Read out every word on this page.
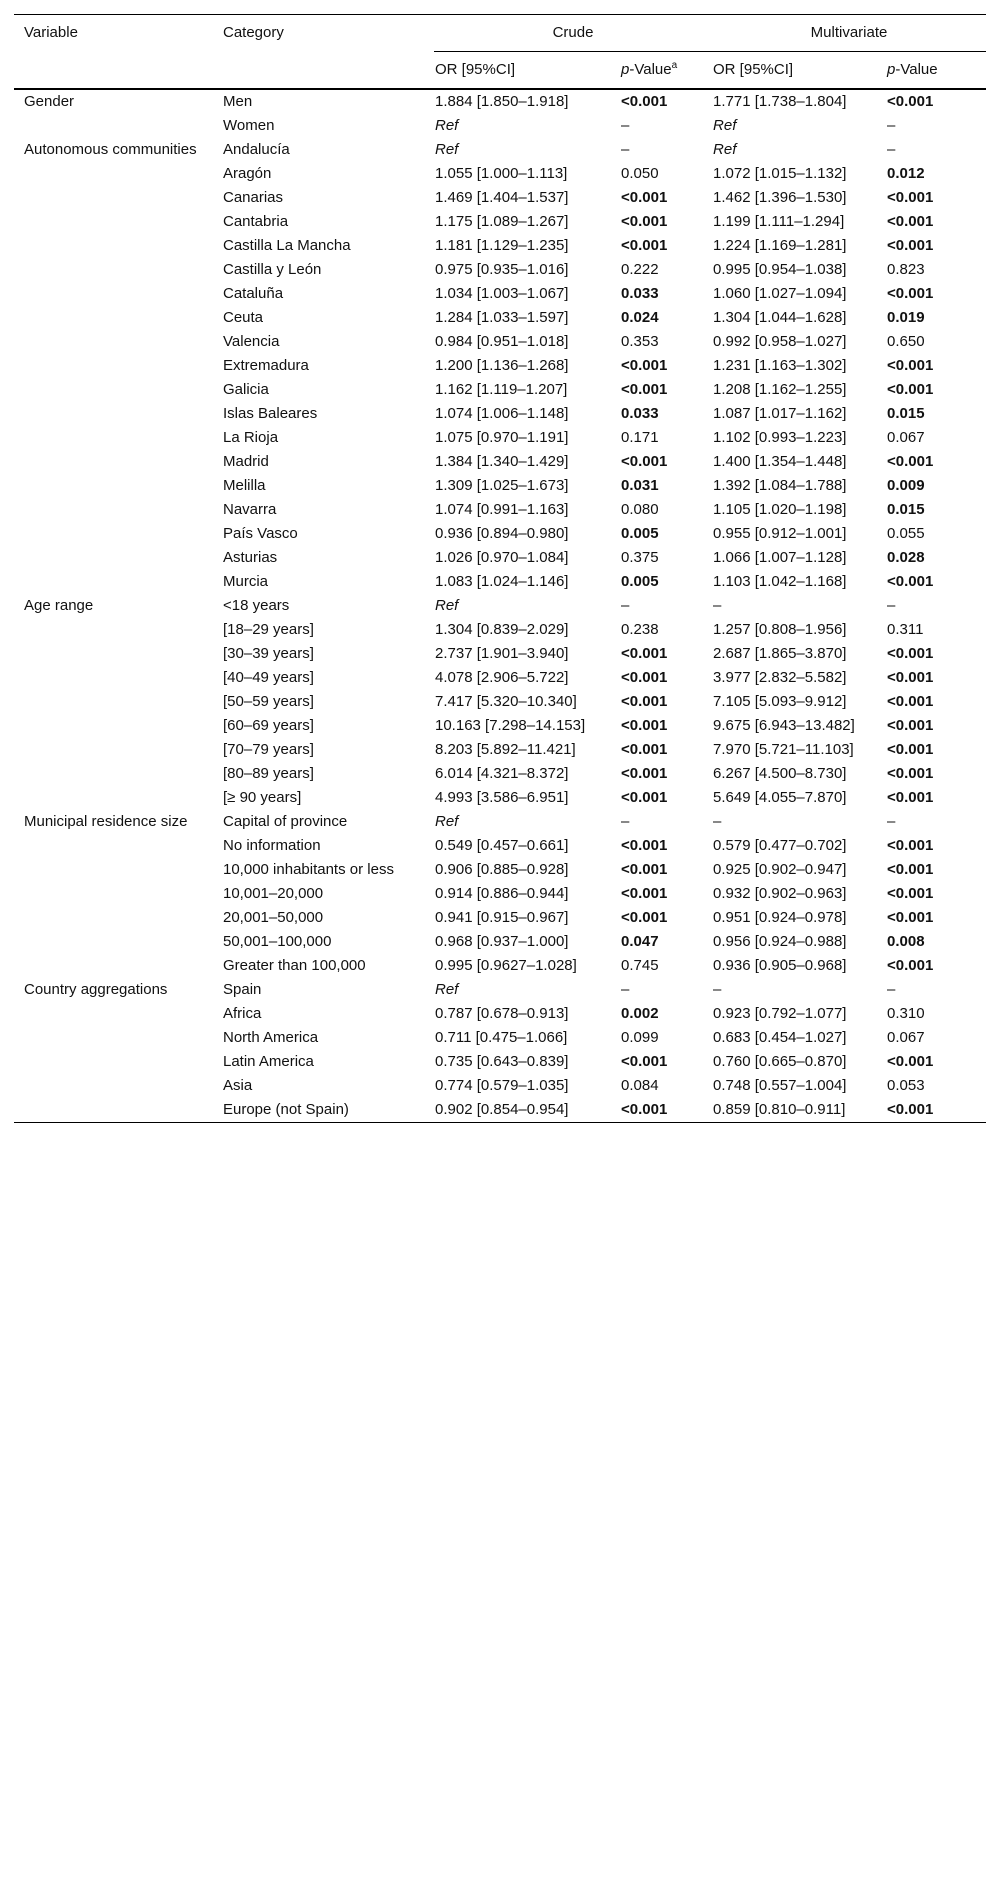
Variable	Category	Crude		Multivariate	
		OR [95%CI]	p-Value$^a$	OR [95%CI]	p-Value
Gender	Men	1.884 [1.850–1.918]	<0.001	1.771 [1.738–1.804]	<0.001
	Women	Ref	–	Ref	–
Autonomous communities	Andalucía	Ref	–	Ref	–
	Aragón	1.055 [1.000–1.113]	0.050	1.072 [1.015–1.132]	0.012
	Canarias	1.469 [1.404–1.537]	<0.001	1.462 [1.396–1.530]	<0.001
	Cantabria	1.175 [1.089–1.267]	<0.001	1.199 [1.111–1.294]	<0.001
	Castilla La Mancha	1.181 [1.129–1.235]	<0.001	1.224 [1.169–1.281]	<0.001
	Castilla y León	0.975 [0.935–1.016]	0.222	0.995 [0.954–1.038]	0.823
	Cataluña	1.034 [1.003–1.067]	0.033	1.060 [1.027–1.094]	<0.001
	Ceuta	1.284 [1.033–1.597]	0.024	1.304 [1.044–1.628]	0.019
	Valencia	0.984 [0.951–1.018]	0.353	0.992 [0.958–1.027]	0.650
	Extremadura	1.200 [1.136–1.268]	<0.001	1.231 [1.163–1.302]	<0.001
	Galicia	1.162 [1.119–1.207]	<0.001	1.208 [1.162–1.255]	<0.001
	Islas Baleares	1.074 [1.006–1.148]	0.033	1.087 [1.017–1.162]	0.015
	La Rioja	1.075 [0.970–1.191]	0.171	1.102 [0.993–1.223]	0.067
	Madrid	1.384 [1.340–1.429]	<0.001	1.400 [1.354–1.448]	<0.001
	Melilla	1.309 [1.025–1.673]	0.031	1.392 [1.084–1.788]	0.009
	Navarra	1.074 [0.991–1.163]	0.080	1.105 [1.020–1.198]	0.015
	País Vasco	0.936 [0.894–0.980]	0.005	0.955 [0.912–1.001]	0.055
	Asturias	1.026 [0.970–1.084]	0.375	1.066 [1.007–1.128]	0.028
	Murcia	1.083 [1.024–1.146]	0.005	1.103 [1.042–1.168]	<0.001
Age range	<18 years	Ref	–	–	–
	[18–29 years]	1.304 [0.839–2.029]	0.238	1.257 [0.808–1.956]	0.311
	[30–39 years]	2.737 [1.901–3.940]	<0.001	2.687 [1.865–3.870]	<0.001
	[40–49 years]	4.078 [2.906–5.722]	<0.001	3.977 [2.832–5.582]	<0.001
	[50–59 years]	7.417 [5.320–10.340]	<0.001	7.105 [5.093–9.912]	<0.001
	[60–69 years]	10.163 [7.298–14.153]	<0.001	9.675 [6.943–13.482]	<0.001
	[70–79 years]	8.203 [5.892–11.421]	<0.001	7.970 [5.721–11.103]	<0.001
	[80–89 years]	6.014 [4.321–8.372]	<0.001	6.267 [4.500–8.730]	<0.001
	[≥ 90 years]	4.993 [3.586–6.951]	<0.001	5.649 [4.055–7.870]	<0.001
Municipal residence size	Capital of province	Ref	–	–	–
	No information	0.549 [0.457–0.661]	<0.001	0.579 [0.477–0.702]	<0.001
	10,000 inhabitants or less	0.906 [0.885–0.928]	<0.001	0.925 [0.902–0.947]	<0.001
	10,001–20,000	0.914 [0.886–0.944]	<0.001	0.932 [0.902–0.963]	<0.001
	20,001–50,000	0.941 [0.915–0.967]	<0.001	0.951 [0.924–0.978]	<0.001
	50,001–100,000	0.968 [0.937–1.000]	0.047	0.956 [0.924–0.988]	0.008
	Greater than 100,000	0.995 [0.9627–1.028]	0.745	0.936 [0.905–0.968]	<0.001
Country aggregations	Spain	Ref	–	–	–
	Africa	0.787 [0.678–0.913]	0.002	0.923 [0.792–1.077]	0.310
	North America	0.711 [0.475–1.066]	0.099	0.683 [0.454–1.027]	0.067
	Latin America	0.735 [0.643–0.839]	<0.001	0.760 [0.665–0.870]	<0.001
	Asia	0.774 [0.579–1.035]	0.084	0.748 [0.557–1.004]	0.053
	Europe (not Spain)	0.902 [0.854–0.954]	<0.001	0.859 [0.810–0.911]	<0.001
